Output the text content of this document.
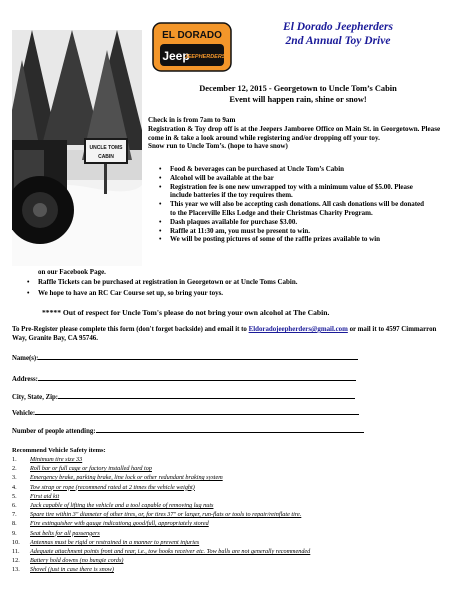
EL DORADO
Jeep
JEEPHERDERS
El Dorado Jeepherders
2nd Annual Toy Drive
UNCLE TOMS
CABIN
December 12, 2015 - Georgetown to Uncle Tom’s Cabin
Event will happen rain, shine or snow!

Check in is from 7am to 9am

Registration & Toy drop off is at the Jeepers Jamboree Office on Main St. in Georgetown. Please come in & take a look around while registering and/or dropping off your toy.

Snow run to Uncle Tom’s. (hope to have snow)

• Food & beverages can be purchased at Uncle Tom’s Cabin
• Alcohol will be available at the bar
• Registration fee is one new unwrapped toy with a minimum value of $5.00. Please include batteries if the toy requires them.
• This year we will also be accepting cash donations. All cash donations will be donated to the Placerville Elks Lodge and their Christmas Charity Program.
• Dash plaques available for purchase $3.00.
• Raffle at 11:30 am, you must be present to win.
• We will be posting pictures of some of the raffle prizes available to win
on our Facebook Page.
• Raffle Tickets can be purchased at registration in Georgetown or at Uncle Toms Cabin.
• We hope to have an RC Car Course set up, so bring your toys.
***** Out of respect for Uncle Tom's please do not bring your own alcohol at The Cabin.
To Pre-Register please complete this form (don't forget backside) and email it to Eldoradojeepherders@gmail.com or mail it to 4597 Cimmarron Way, Granite Bay, CA 95746.
Name(s):
Address:
City, State, Zip:
Vehicle:
Number of people attending:
Recommend Vehicle Safety items:
1. Minimum tire size 33
2. Roll bar or full cage or factory installed hard top
3. Emergency brake, parking brake, line lock or other redundant braking system
4. Tow strap or rope (recommend rated at 2 times the vehicle weight)
5. First aid kit
6. Jack capable of lifting the vehicle and a tool capable of removing lug nuts
7. Spare tire within 3" diameter of other tires, or, for tires 37" or larger, run-flats or tools to repair/reinflate tire.
8. Fire extinguisher with gauge indicationg good/full, appropriately stored
9. Seat belts for all passengers
10. Antennas must be rigid or restrained in a manner to prevent injuries
11. Adequate attachment points front and rear, i.e., tow hooks receiver etc. Tow balls are not generally recommended
12. Battery hold downs (no bungie cords)
13. Shovel (just in case there is snow)
